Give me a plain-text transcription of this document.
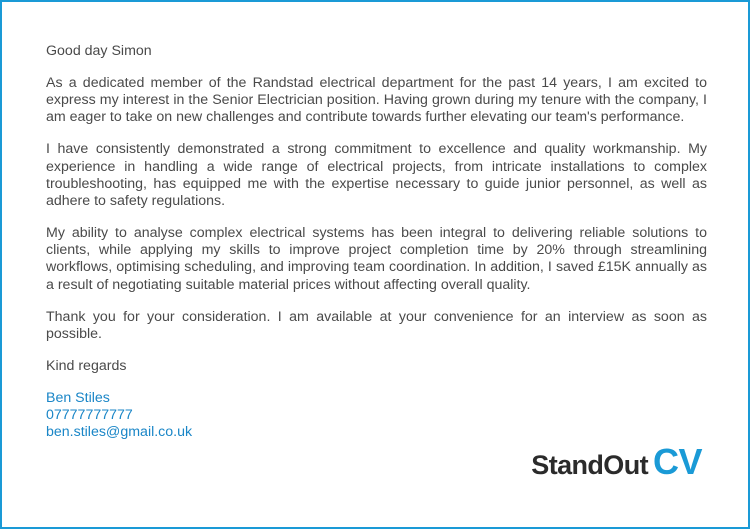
Good day Simon

As a dedicated member of the Randstad electrical department for the past 14 years, I am excited to express my interest in the Senior Electrician position. Having grown during my tenure with the company, I am eager to take on new challenges and contribute towards further elevating our team's performance.

I have consistently demonstrated a strong commitment to excellence and quality workmanship. My experience in handling a wide range of electrical projects, from intricate installations to complex troubleshooting, has equipped me with the expertise necessary to guide junior personnel, as well as adhere to safety regulations.

My ability to analyse complex electrical systems has been integral to delivering reliable solutions to clients, while applying my skills to improve project completion time by 20% through streamlining workflows, optimising scheduling, and improving team coordination. In addition, I saved £15K annually as a result of negotiating suitable material prices without affecting overall quality.

Thank you for your consideration. I am available at your convenience for an interview as soon as possible.

Kind regards

Ben Stiles
07777777777
ben.stiles@gmail.co.uk
StandOut CV
